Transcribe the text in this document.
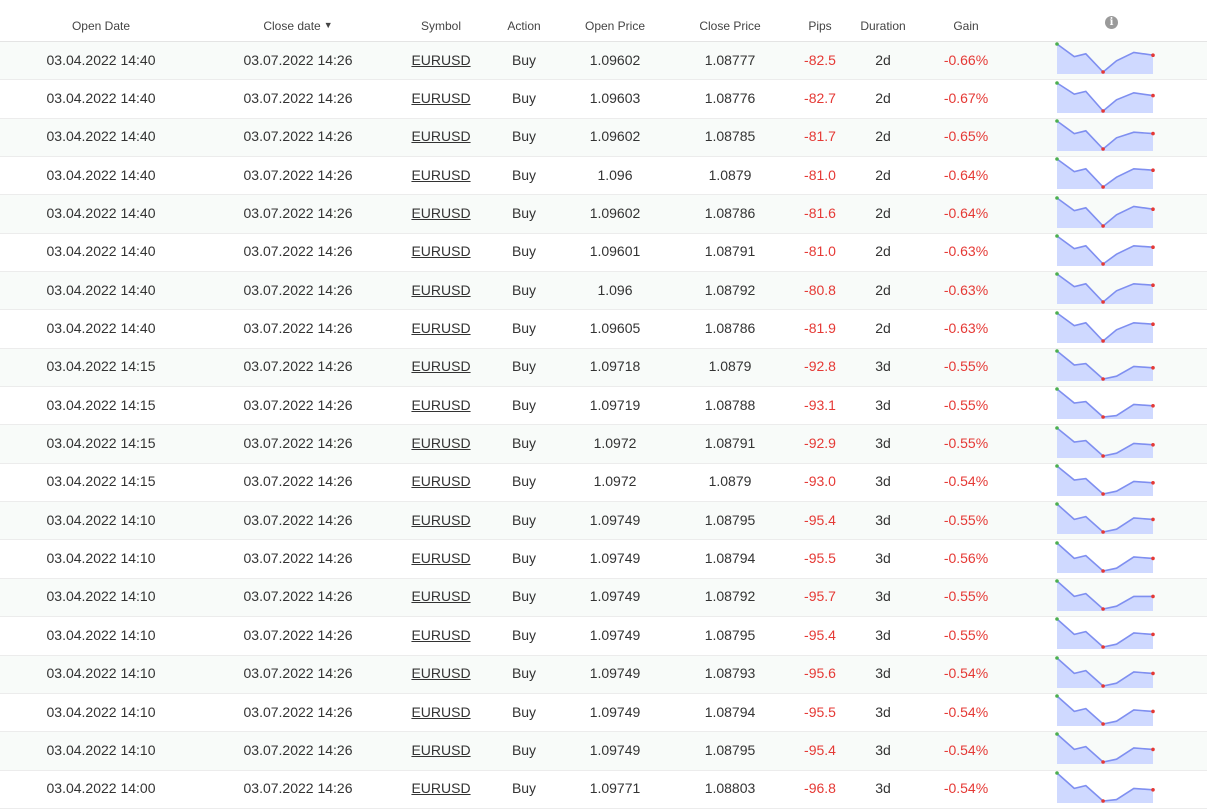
Open Date	Close date ▼	Symbol	Action	Open Price	Close Price	Pips	Duration	Gain	i
03.04.2022 14:40	03.07.2022 14:26	EURUSD	Buy	1.09602	1.08777	-82.5	2d	-0.66%
03.04.2022 14:40	03.07.2022 14:26	EURUSD	Buy	1.09603	1.08776	-82.7	2d	-0.67%
03.04.2022 14:40	03.07.2022 14:26	EURUSD	Buy	1.09602	1.08785	-81.7	2d	-0.65%
03.04.2022 14:40	03.07.2022 14:26	EURUSD	Buy	1.096	1.0879	-81.0	2d	-0.64%
03.04.2022 14:40	03.07.2022 14:26	EURUSD	Buy	1.09602	1.08786	-81.6	2d	-0.64%
03.04.2022 14:40	03.07.2022 14:26	EURUSD	Buy	1.09601	1.08791	-81.0	2d	-0.63%
03.04.2022 14:40	03.07.2022 14:26	EURUSD	Buy	1.096	1.08792	-80.8	2d	-0.63%
03.04.2022 14:40	03.07.2022 14:26	EURUSD	Buy	1.09605	1.08786	-81.9	2d	-0.63%
03.04.2022 14:15	03.07.2022 14:26	EURUSD	Buy	1.09718	1.0879	-92.8	3d	-0.55%
03.04.2022 14:15	03.07.2022 14:26	EURUSD	Buy	1.09719	1.08788	-93.1	3d	-0.55%
03.04.2022 14:15	03.07.2022 14:26	EURUSD	Buy	1.0972	1.08791	-92.9	3d	-0.55%
03.04.2022 14:15	03.07.2022 14:26	EURUSD	Buy	1.0972	1.0879	-93.0	3d	-0.54%
03.04.2022 14:10	03.07.2022 14:26	EURUSD	Buy	1.09749	1.08795	-95.4	3d	-0.55%
03.04.2022 14:10	03.07.2022 14:26	EURUSD	Buy	1.09749	1.08794	-95.5	3d	-0.56%
03.04.2022 14:10	03.07.2022 14:26	EURUSD	Buy	1.09749	1.08792	-95.7	3d	-0.55%
03.04.2022 14:10	03.07.2022 14:26	EURUSD	Buy	1.09749	1.08795	-95.4	3d	-0.55%
03.04.2022 14:10	03.07.2022 14:26	EURUSD	Buy	1.09749	1.08793	-95.6	3d	-0.54%
03.04.2022 14:10	03.07.2022 14:26	EURUSD	Buy	1.09749	1.08794	-95.5	3d	-0.54%
03.04.2022 14:10	03.07.2022 14:26	EURUSD	Buy	1.09749	1.08795	-95.4	3d	-0.54%
03.04.2022 14:00	03.07.2022 14:26	EURUSD	Buy	1.09771	1.08803	-96.8	3d	-0.54%
